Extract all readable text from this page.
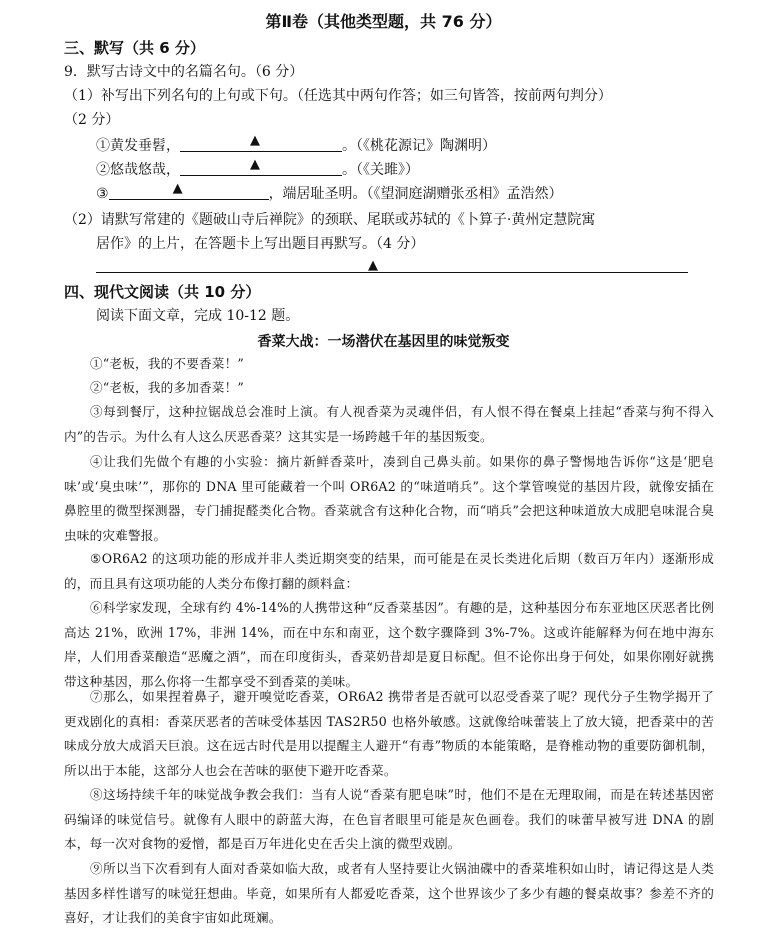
第Ⅱ卷（其他类型题，共 76 分）
三、默写（共 6 分）
9．默写古诗文中的名篇名句。（6 分）
（1）补写出下列名句的上句或下句。（任选其中两句作答；如三句皆答，按前两句判分）
（2 分）
①黄发垂髫，	▲	。（《桃花源记》陶渊明）
②悠哉悠哉，	▲	。（《关雎》）
③	▲	，端居耻圣明。（《望洞庭湖赠张丞相》孟浩然）
（2）请默写常建的《题破山寺后禅院》的颈联、尾联或苏轼的《卜算子·黄州定慧院寓
居作》的上片，在答题卡上写出题目再默写。（4 分）
▲
四、现代文阅读（共 10 分）
阅读下面文章，完成 10-12 题。
香菜大战：一场潜伏在基因里的味觉叛变
①“老板，我的不要香菜！”
②“老板，我的多加香菜！”
③每到餐厅，这种拉锯战总会准时上演。有人视香菜为灵魂伴侣，有人恨不得在餐桌上挂起“香菜与狗不得入内”的告示。为什么有人这么厌恶香菜？这其实是一场跨越千年的基因叛变。
④让我们先做个有趣的小实验：摘片新鲜香菜叶，凑到自己鼻头前。如果你的鼻子警惕地告诉你“这是‘肥皂味’或‘臭虫味’”，那你的 DNA 里可能藏着一个叫 OR6A2 的“味道哨兵”。这个掌管嗅觉的基因片段，就像安插在鼻腔里的微型探测器，专门捕捉醛类化合物。香菜就含有这种化合物，而“哨兵”会把这种味道放大成肥皂味混合臭虫味的灾难警报。
⑤OR6A2 的这项功能的形成并非人类近期突变的结果，而可能是在灵长类进化后期（数百万年内）逐渐形成的，而且具有这项功能的人类分布像打翻的颜料盒：
⑥科学家发现，全球有约 4%-14%的人携带这种“反香菜基因”。有趣的是，这种基因分布东亚地区厌恶者比例高达 21%，欧洲 17%，非洲 14%，而在中东和南亚，这个数字骤降到 3%-7%。这或许能解释为何在地中海东岸，人们用香菜酿造“恶魔之酒”，而在印度街头，香菜奶昔却是夏日标配。但不论你出身于何处，如果你刚好就携带这种基因，那么你将一生都享受不到香菜的美味。
⑦那么，如果捏着鼻子，避开嗅觉吃香菜，OR6A2 携带者是否就可以忍受香菜了呢？现代分子生物学揭开了更戏剧化的真相：香菜厌恶者的苦味受体基因 TAS2R50 也格外敏感。这就像给味蕾装上了放大镜，把香菜中的苦味成分放大成滔天巨浪。这在远古时代是用以提醒主人避开“有毒”物质的本能策略，是脊椎动物的重要防御机制，所以出于本能，这部分人也会在苦味的驱使下避开吃香菜。
⑧这场持续千年的味觉战争教会我们：当有人说“香菜有肥皂味”时，他们不是在无理取闹，而是在转述基因密码编译的味觉信号。就像有人眼中的蔚蓝大海，在色盲者眼里可能是灰色画卷。我们的味蕾早被写进 DNA 的剧本，每一次对食物的爱憎，都是百万年进化史在舌尖上演的微型戏剧。
⑨所以当下次看到有人面对香菜如临大敌，或者有人坚持要让火锅油碟中的香菜堆积如山时，请记得这是人类基因多样性谱写的味觉狂想曲。毕竟，如果所有人都爱吃香菜，这个世界该少了多少有趣的餐桌故事？参差不齐的喜好，才让我们的美食宇宙如此斑斓。
